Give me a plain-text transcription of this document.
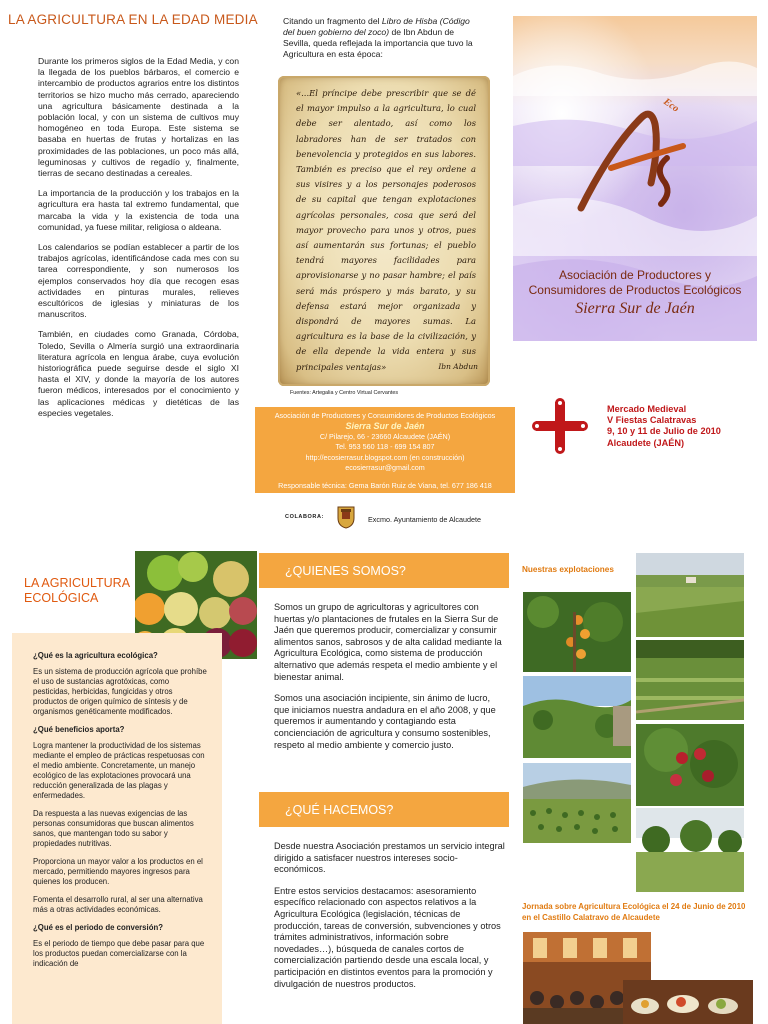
LA AGRICULTURA EN LA EDAD MEDIA

Durante los primeros siglos de la Edad Media, y con la llegada de los pueblos bárbaros, el comercio e intercambio de productos agrarios entre los distintos territorios se hizo mucho más cerrado, apareciendo una agricultura básicamente destinada a la población local, y con un sistema de cultivos muy homogéneo en toda Europa. Este sistema se basaba en huertas de frutas y hortalizas en las proximidades de las poblaciones, un poco más allá, leguminosas y cultivos de regadío y, finalmente, tierras de secano destinadas a cereales.

La importancia de la producción y los trabajos en la agricultura era hasta tal extremo fundamental, que marcaba la vida y la existencia de toda una comunidad, ya fuese militar, religiosa o aldeana.

Los calendarios se podían establecer a partir de los trabajos agrícolas, identificándose cada mes con su tarea correspondiente, y son numerosos los ejemplos conservados hoy día que recogen esas actividades en pinturas murales, relieves escultóricos de iglesias y miniaturas de los manuscritos.

También, en ciudades como Granada, Córdoba, Toledo, Sevilla o Almería surgió una extraordinaria literatura agrícola en lengua árabe, cuya evolución historiográfica puede seguirse desde el siglo XI hasta el XIV, y donde la mayoría de los autores fueron médicos, interesados por el conocimiento y las aplicaciones médicas y dietéticas de las especies vegetales.

Citando un fragmento del Libro de Hisba (Código del buen gobierno del zoco) de Ibn Abdun de Sevilla, queda reflejada la importancia que tuvo la Agricultura en esta época:
«...El príncipe debe prescribir que se dé el mayor impulso a la agricultura, lo cual debe ser alentado, así como los labradores han de ser tratados con benevolencia y protegidos en sus labores. También es preciso que el rey ordene a sus visires y a los personajes poderosos de su capital que tengan explotaciones agrícolas personales, cosa que será del mayor provecho para unos y otros, pues así aumentarán sus fortunas; el pueblo tendrá mayores facilidades para aprovisionarse y no pasar hambre; el país será más próspero y más barato, y su defensa estará mejor organizada y dispondrá de mayores sumas. La agricultura es la base de la civilización, y de ella depende la vida entera y sus principales ventajas»	Ibn Abdun
Fuentes: Artegalia y Centro Virtual Cervantes
Asociación de Productores y Consumidores de Productos Ecológicos
Sierra Sur de Jaén
C/ Pilarejo, 66 - 23660 Alcaudete (JAÉN)
Tel. 953 560 118 - 699 154 807
http://ecosierrasur.blogspot.com (en construcción)
ecosierrasur@gmail.com
Responsable técnica: Gema Barón Ruiz de Viana, tel. 677 186 418
COLABORA:	Excmo. Ayuntamiento de Alcaudete
Eco
Asociación de Productores y
Consumidores de Productos Ecológicos
Sierra Sur de Jaén
Mercado Medieval
V Fiestas Calatravas
9, 10 y 11 de Julio de 2010
Alcaudete (JAÉN)
LA AGRICULTURA
ECOLÓGICA
¿Qué es la agricultura ecológica?

Es un sistema de producción agrícola que prohíbe el uso de sustancias agrotóxicas, como pesticidas, herbicidas, fungicidas y otros productos de origen químico de síntesis y de organismos genéticamente modificados.

¿Qué beneficios aporta?

Logra mantener la productividad de los sistemas mediante el empleo de prácticas respetuosas con el medio ambiente. Concretamente, un manejo ecológico de las explotaciones provocará una reducción generalizada de las plagas y enfermedades.

Da respuesta a las nuevas exigencias de las personas consumidoras que buscan alimentos sanos, que mantengan todo su sabor y propiedades nutritivas.

Proporciona un mayor valor a los productos en el mercado, permitiendo mayores ingresos para quienes los producen.

Fomenta el desarrollo rural, al ser una alternativa más a otras actividades económicas.

¿Qué es el periodo de conversión?

Es el periodo de tiempo que debe pasar para que los productos puedan comercializarse con la indicación de

¿QUIENES SOMOS?

Somos un grupo de agricultoras y agricultores con huertas y/o plantaciones de frutales en la Sierra Sur de Jaén que queremos producir, comercializar y consumir alimentos sanos, sabrosos y de alta calidad mediante la Agricultura Ecológica, como sistema de producción alternativo que además respeta el medio ambiente y el bienestar animal.

Somos una asociación incipiente, sin ánimo de lucro, que iniciamos nuestra andadura en el año 2008, y que queremos ir aumentando y contagiando esta concienciación de agricultura y consumo sostenibles, respeto al medio ambiente y comercio justo.

¿QUÉ HACEMOS?

Desde nuestra Asociación prestamos un servicio integral dirigido a satisfacer nuestros intereses socio-económicos.

Entre estos servicios destacamos: asesoramiento específico relacionado con aspectos relativos a la Agricultura Ecológica (legislación, técnicas de producción, tareas de conversión, subvenciones y otros trámites administrativos, información sobre novedades…), búsqueda de canales cortos de comercialización partiendo desde una escala local, y participación en distintos eventos para la promoción y divulgación de nuestros productos.

Nuestras explotaciones
Jornada sobre Agricultura Ecológica el 24 de Junio de 2010 en el Castillo Calatravo de Alcaudete
